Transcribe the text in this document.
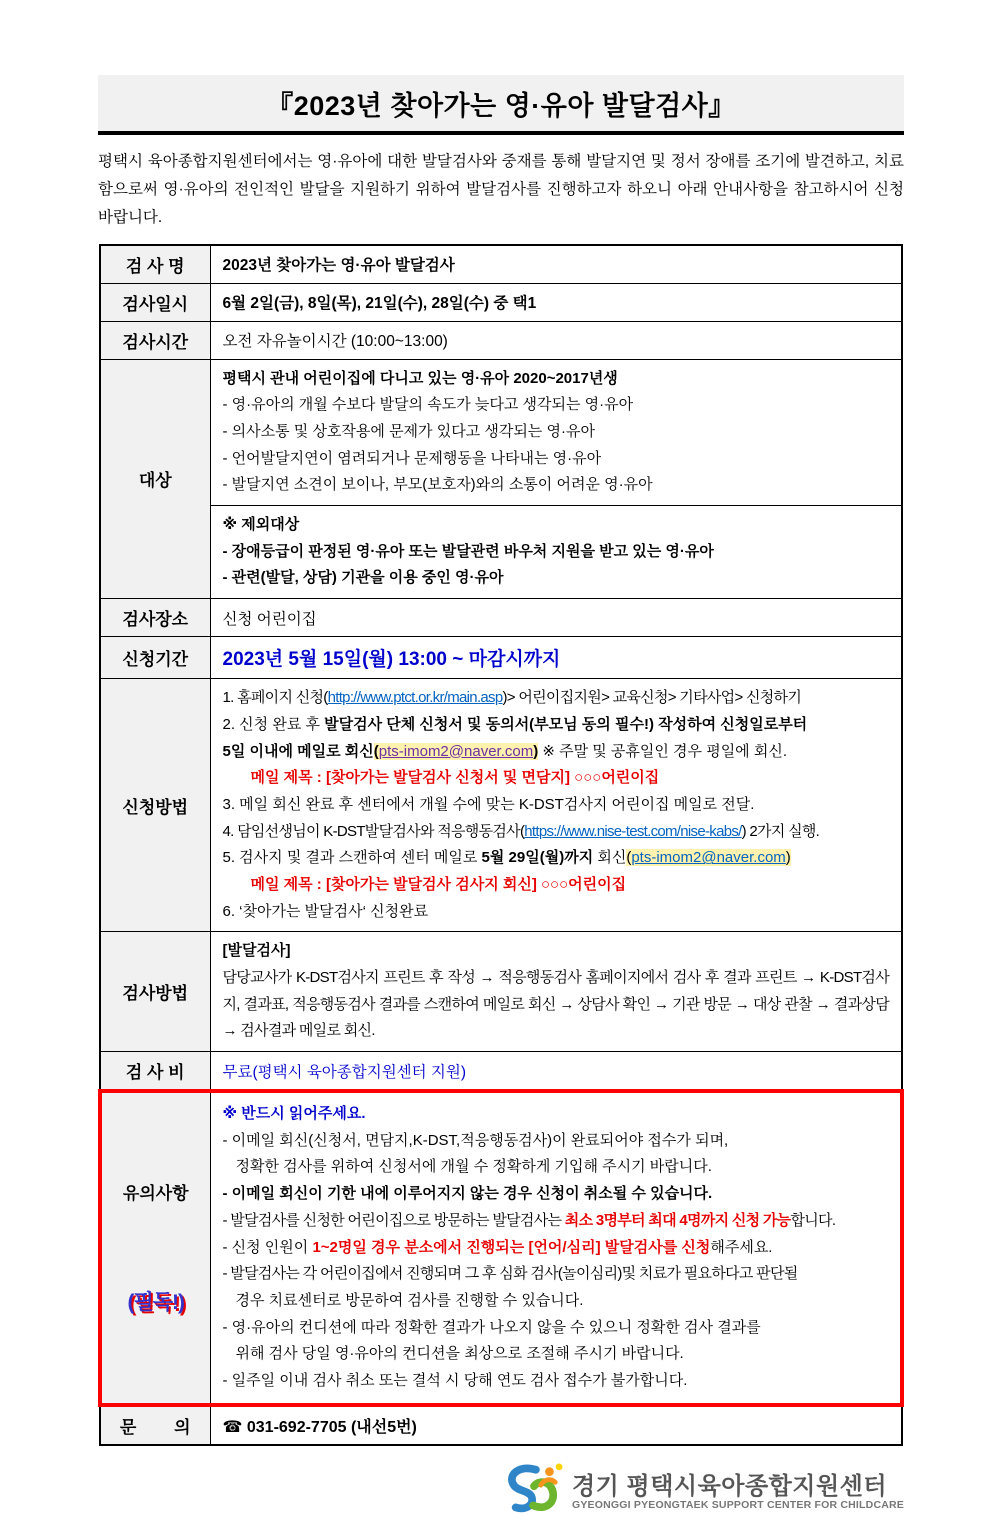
『2023년 찾아가는 영·유아 발달검사』

평택시 육아종합지원센터에서는 영·유아에 대한 발달검사와 중재를 통해 발달지연 및 정서 장애를 조기에 발견하고, 치료함으로써 영·유아의 전인적인 발달을 지원하기 위하여 발달검사를 진행하고자 하오니 아래 안내사항을 참고하시어 신청 바랍니다.

검 사 명	2023년 찾아가는 영·유아 발달검사
검사일시	6월 2일(금), 8일(목), 21일(수), 28일(수) 중 택1
검사시간	오전 자유놀이시간 (10:00~13:00)
대상	평택시 관내 어린이집에 다니고 있는 영·유아 2020~2017년생
- 영·유아의 개월 수보다 발달의 속도가 늦다고 생각되는 영·유아
- 의사소통 및 상호작용에 문제가 있다고 생각되는 영·유아
- 언어발달지연이 염려되거나 문제행동을 나타내는 영·유아
- 발달지연 소견이 보이나, 부모(보호자)와의 소통이 어려운 영·유아

	※ 제외대상
- 장애등급이 판정된 영·유아 또는 발달관련 바우처 지원을 받고 있는 영·유아
- 관련(발달, 상담) 기관을 이용 중인 영·유아

검사장소	신청 어린이집
신청기간	2023년 5월 15일(월) 13:00 ~ 마감시까지
신청방법	
1. 홈페이지 신청(http://www.ptct.or.kr/main.asp)> 어린이집지원> 교육신청> 기타사업> 신청하기
2. 신청 완료 후 발달검사 단체 신청서 및 동의서(부모님 동의 필수!) 작성하여 신청일로부터
5일 이내에 메일로 회신(pts-imom2@naver.com) ※ 주말 및 공휴일인 경우 평일에 회신.
메일 제목 : [찾아가는 발달검사 신청서 및 면담지] ○○○어린이집
3. 메일 회신 완료 후 센터에서 개월 수에 맞는 K-DST검사지 어린이집 메일로 전달.
4. 담임선생님이 K-DST발달검사와 적응행동검사(https://www.nise-test.com/nise-kabs/) 2가지 실행.
5. 검사지 및 결과 스캔하여 센터 메일로 5월 29일(월)까지 회신(pts-imom2@naver.com)
메일 제목 : [찾아가는 발달검사 검사지 회신] ○○○어린이집
6. ‘찾아가는 발달검사‘ 신청완료

검사방법	[발달검사]
담당교사가 K-DST검사지 프린트 후 작성 → 적응행동검사 홈페이지에서 검사 후 결과 프린트 → K-DST검사지, 결과표, 적응행동검사 결과를 스캔하여 메일로 회신 → 상담사 확인 → 기관 방문 → 대상 관찰 → 결과상담 → 검사결과 메일로 회신.

검 사 비	무료(평택시 육아종합지원센터 지원)

유의사항

(필독!)

※ 반드시 읽어주세요.
- 이메일 회신(신청서, 면담지,K-DST,적응행동검사)이 완료되어야 접수가 되며,
정확한 검사를 위하여 신청서에 개월 수 정확하게 기입해 주시기 바랍니다.
- 이메일 회신이 기한 내에 이루어지지 않는 경우 신청이 취소될 수 있습니다.
- 발달검사를 신청한 어린이집으로 방문하는 발달검사는 최소 3명부터 최대 4명까지 신청 가능합니다.
- 신청 인원이 1~2명일 경우 분소에서 진행되는 [언어/심리] 발달검사를 신청해주세요.
- 발달검사는 각 어린이집에서 진행되며 그 후 심화 검사(놀이심리)및 치료가 필요하다고 판단될
경우 치료센터로 방문하여 검사를 진행할 수 있습니다.
- 영·유아의 컨디션에 따라 정확한 결과가 나오지 않을 수 있으니 정확한 검사 결과를
위해 검사 당일 영·유아의 컨디션을 최상으로 조절해 주시기 바랍니다.
- 일주일 이내 검사 취소 또는 결석 시 당해 연도 검사 접수가 불가합니다.

문        의	☎ 031-692-7705 (내선5번)
경기 평택시육아종합지원센터
GYEONGGI PYEONGTAEK SUPPORT CENTER FOR CHILDCARE
